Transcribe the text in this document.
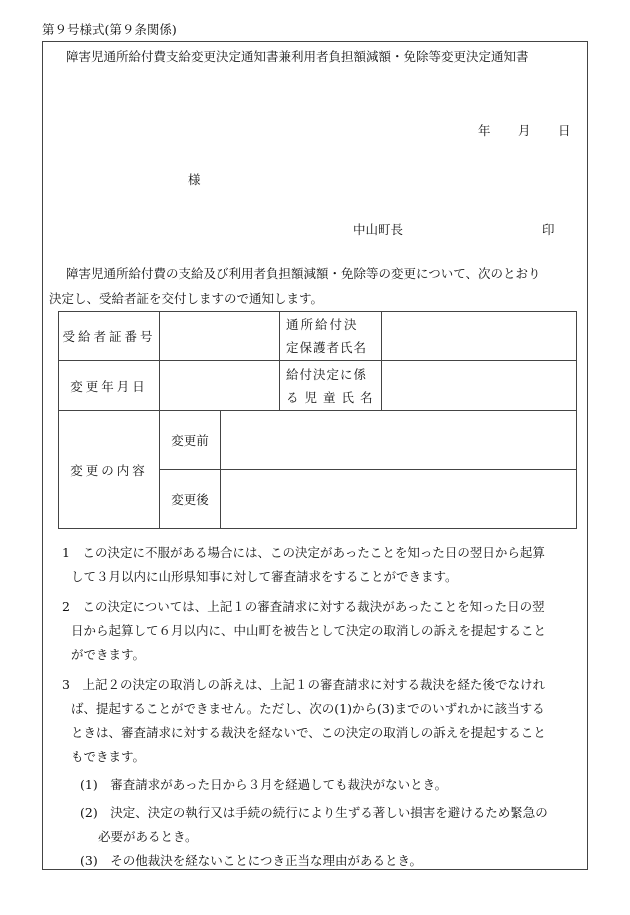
第９号様式(第９条関係)
障害児通所給付費支給変更決定通知書兼利用者負担額減額・免除等変更決定通知書
年 月 日
様
中山町長	印
障害児通所給付費の支給及び利用者負担額減額・免除等の変更について、次のとおり
決定し、受給者証を交付しますので通知します。
受給者証番号			通所給付決
定保護者氏名	

変更年月日			給付決定に係
る児童氏名	

変更の内容	変更前			
	変更後			
1　この決定に不服がある場合には、この決定があったことを知った日の翌日から起算
して３月以内に山形県知事に対して審査請求をすることができます。
2　この決定については、上記１の審査請求に対する裁決があったことを知った日の翌
日から起算して６月以内に、中山町を被告として決定の取消しの訴えを提起すること
ができます。
3　上記２の決定の取消しの訴えは、上記１の審査請求に対する裁決を経た後でなけれ
ば、提起することができません。ただし、次の(1)から(3)までのいずれかに該当する
ときは、審査請求に対する裁決を経ないで、この決定の取消しの訴えを提起すること
もできます。
(1)　審査請求があった日から３月を経過しても裁決がないとき。
(2)　決定、決定の執行又は手続の続行により生ずる著しい損害を避けるため緊急の
必要があるとき。
(3)　その他裁決を経ないことにつき正当な理由があるとき。
